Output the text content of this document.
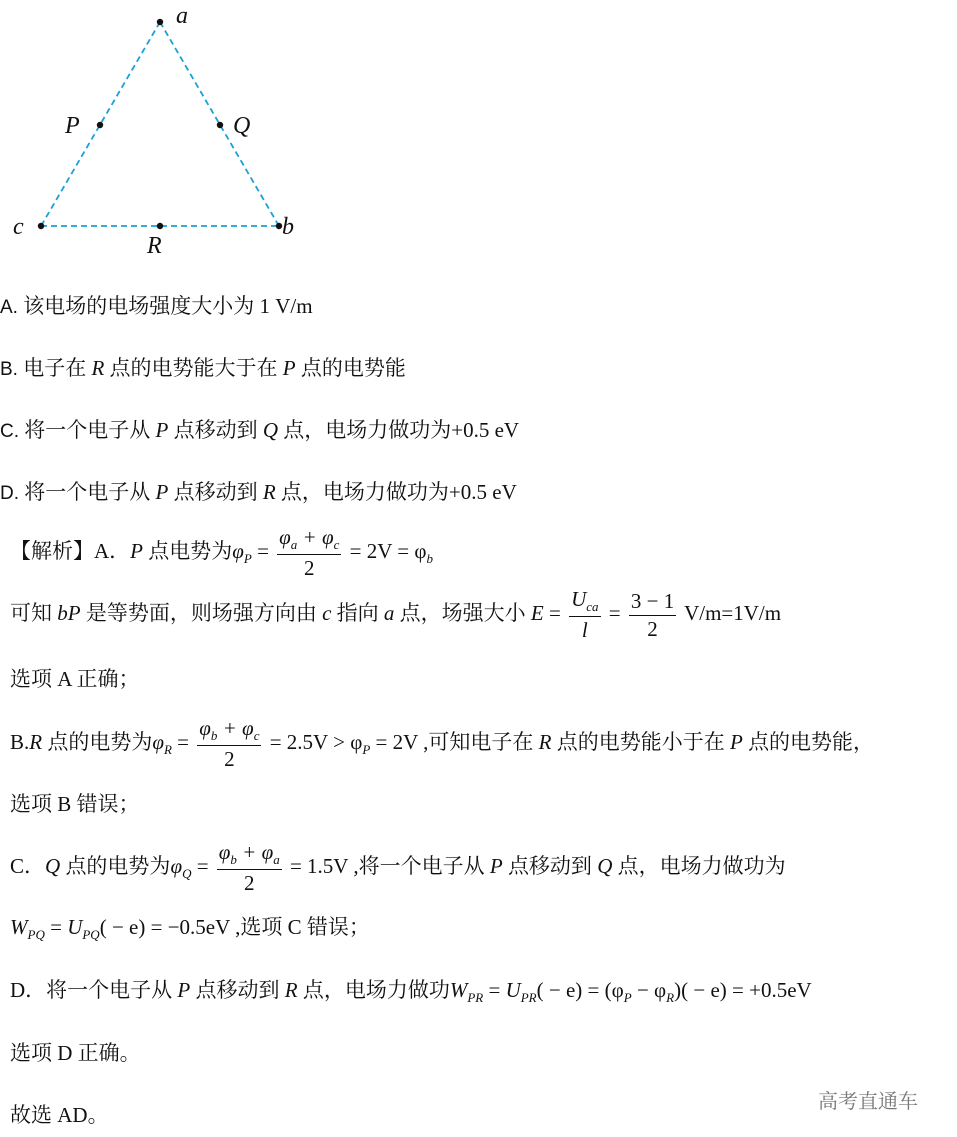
a
P	Q
c	b
R
A. 该电场的电场强度大小为 1 V/m
B. 电子在 R 点的电势能大于在 P 点的电势能
C. 将一个电子从 P 点移动到 Q 点，电场力做功为+0.5 eV
D. 将一个电子从 P 点移动到 R 点，电场力做功为+0.5 eV
【解析】A．P 点电势为$\varphi_P = \frac{\varphi_a + \varphi_c}{2} = 2V = \varphi_b$
可知 bP 是等势面，则场强方向由 c 指向 a 点，场强大小 $E = \frac{U_{ca}}{l} = \frac{3 - 1}{2} V/m=1V/m$
选项 A 正确；
B.R 点的电势为$\varphi_R = \frac{\varphi_b + \varphi_c}{2} = 2.5V > \varphi_P = 2V$ ,可知电子在 R 点的电势能小于在 P 点的电势能，
选项 B 错误；
C．Q 点的电势为$\varphi_Q = \frac{\varphi_b + \varphi_a}{2} = 1.5V$ ,将一个电子从 P 点移动到 Q 点，电场力做功为
$W_{PQ} = U_{PQ}( - e) = -0.5eV$ ,选项 C 错误；
D．将一个电子从 P 点移动到 R 点，电场力做功$W_{PR} = U_{PR}( - e) = (\varphi_P - \varphi_R)( - e) = +0.5eV$
选项 D 正确。
故选 AD。
高考直通车
